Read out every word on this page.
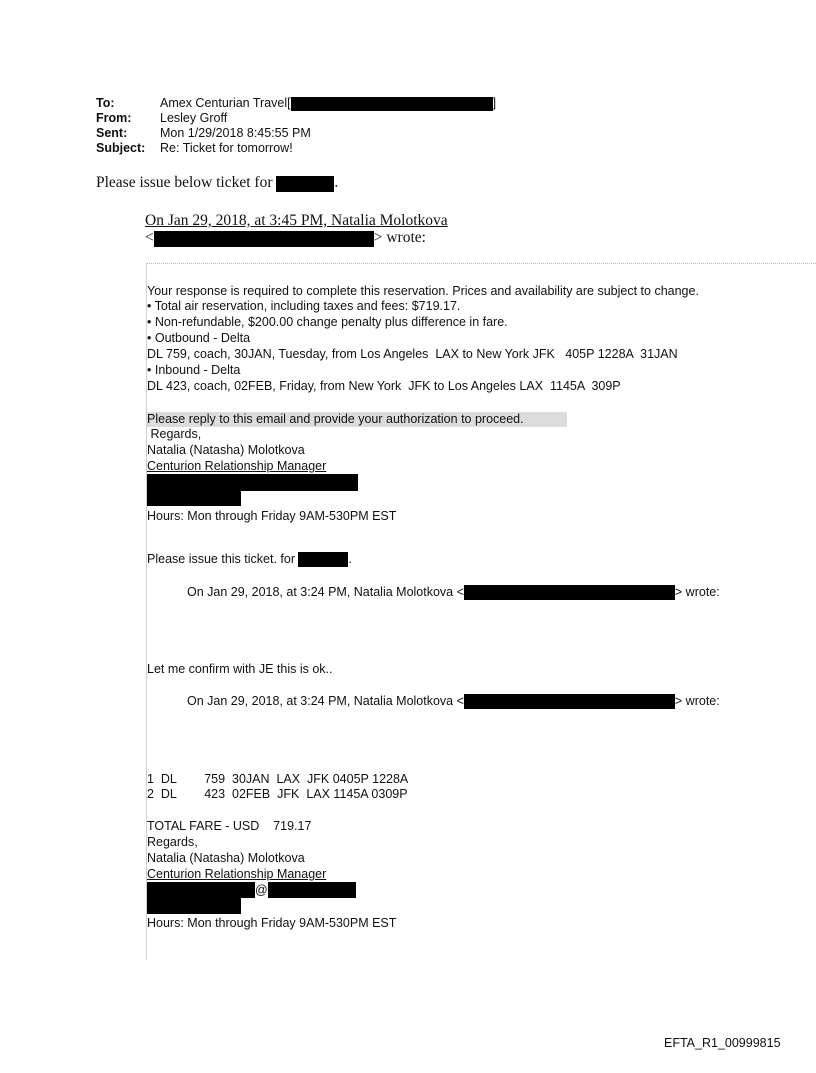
To:	Amex Centurian Travel[	]
From: Lesley Groff
Sent:	Mon 1/29/2018 8:45:55 PM
Subject: Re: Ticket for tomorrow!
Please issue below ticket for	.
On Jan 29, 2018, at 3:45 PM, Natalia Molotkova
<	> wrote:
Your response is required to complete this reservation. Prices and availability are subject to change.
• Total air reservation, including taxes and fees: $719.17.
• Non-refundable, $200.00 change penalty plus difference in fare.
• Outbound - Delta
DL 759, coach, 30JAN, Tuesday, from Los Angeles  LAX to New York JFK   405P 1228A  31JAN
• Inbound - Delta
DL 423, coach, 02FEB, Friday, from New York  JFK to Los Angeles LAX  1145A  309P
Please reply to this email and provide your authorization to proceed.
Regards,
Natalia (Natasha) Molotkova
Centurion Relationship Manager
Hours: Mon through Friday 9AM-530PM EST
Please issue this ticket. for	.
On Jan 29, 2018, at 3:24 PM, Natalia Molotkova <	> wrote:
Let me confirm with JE this is ok..
On Jan 29, 2018, at 3:24 PM, Natalia Molotkova <	> wrote:
1  DL        759  30JAN  LAX  JFK 0405P 1228A
2  DL        423  02FEB  JFK  LAX 1145A 0309P
TOTAL FARE - USD    719.17
Regards,
Natalia (Natasha) Molotkova
Centurion Relationship Manager
@
Hours: Mon through Friday 9AM-530PM EST
EFTA_R1_00999815
